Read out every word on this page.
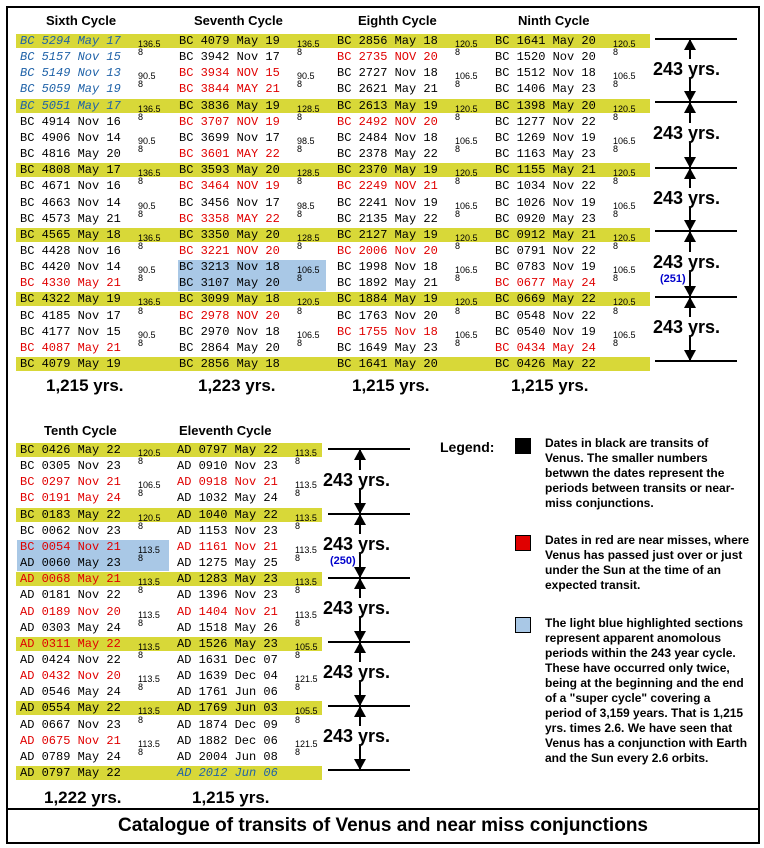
Sixth Cycle
BC 5294 May 17 136.5
BC 5157 Nov 15 8
BC 5149 Nov 13 90.5
BC 5059 May 19 8
BC 5051 May 17 136.5
BC 4914 Nov 16 8
BC 4906 Nov 14 90.5
BC 4816 May 20 8
BC 4808 May 17 136.5
BC 4671 Nov 16 8
BC 4663 Nov 14 90.5
BC 4573 May 21 8
BC 4565 May 18 136.5
BC 4428 Nov 16 8
BC 4420 Nov 14 90.5
BC 4330 May 21 8
BC 4322 May 19 136.5
BC 4185 Nov 17 8
BC 4177 Nov 15 90.5
BC 4087 May 21 8
BC 4079 May 19
1,215 yrs.
Seventh Cycle
BC 4079 May 19 136.5
BC 3942 Nov 17 8
BC 3934 NOV 15 90.5
BC 3844 MAY 21 8
BC 3836 May 19 128.5
BC 3707 NOV 19 8
BC 3699 Nov 17 98.5
BC 3601 MAY 22 8
BC 3593 May 20 128.5
BC 3464 NOV 19 8
BC 3456 Nov 17 98.5
BC 3358 MAY 22 8
BC 3350 May 20 128.5
BC 3221 NOV 20 8
BC 3213 Nov 18 106.5
BC 3107 May 20 8
BC 3099 May 18 120.5
BC 2978 NOV 20 8
BC 2970 Nov 18 106.5
BC 2864 May 20 8
BC 2856 May 18
1,223 yrs.
Eighth Cycle
BC 2856 May 18 120.5
BC 2735 NOV 20 8
BC 2727 Nov 18 106.5
BC 2621 May 21 8
BC 2613 May 19 120.5
BC 2492 NOV 20 8
BC 2484 Nov 18 106.5
BC 2378 May 22 8
BC 2370 May 19 120.5
BC 2249 NOV 21 8
BC 2241 Nov 19 106.5
BC 2135 May 22 8
BC 2127 May 19 120.5
BC 2006 Nov 20 8
BC 1998 Nov 18 106.5
BC 1892 May 21 8
BC 1884 May 19 120.5
BC 1763 Nov 20 8
BC 1755 Nov 18 106.5
BC 1649 May 23 8
BC 1641 May 20
1,215 yrs.
Ninth Cycle
BC 1641 May 20 120.5
BC 1520 Nov 20 8
BC 1512 Nov 18 106.5
BC 1406 May 23 8
BC 1398 May 20 120.5
BC 1277 Nov 22 8
BC 1269 Nov 19 106.5
BC 1163 May 23 8
BC 1155 May 21 120.5
BC 1034 Nov 22 8
BC 1026 Nov 19 106.5
BC 0920 May 23 8
BC 0912 May 21 120.5
BC 0791 Nov 22 8
BC 0783 Nov 19 106.5
BC 0677 May 24 8
BC 0669 May 22 120.5
BC 0548 Nov 22 8
BC 0540 Nov 19 106.5
BC 0434 May 24 8
BC 0426 May 22
1,215 yrs.
Tenth Cycle
BC 0426 May 22 120.5
BC 0305 Nov 23 8
BC 0297 Nov 21 106.5
BC 0191 May 24 8
BC 0183 May 22 120.5
BC 0062 Nov 23 8
BC 0054 Nov 21 113.5
AD 0060 May 23 8
AD 0068 May 21 113.5
AD 0181 Nov 22 8
AD 0189 Nov 20 113.5
AD 0303 May 24 8
AD 0311 May 22 113.5
AD 0424 Nov 22 8
AD 0432 Nov 20 113.5
AD 0546 May 24 8
AD 0554 May 22 113.5
AD 0667 Nov 23 8
AD 0675 Nov 21 113.5
AD 0789 May 24 8
AD 0797 May 22
1,222 yrs.
Eleventh Cycle
AD 0797 May 22 113.5
AD 0910 Nov 23 8
AD 0918 Nov 21 113.5
AD 1032 May 24 8
AD 1040 May 22 113.5
AD 1153 Nov 23 8
AD 1161 Nov 21 113.5
AD 1275 May 25 8
AD 1283 May 23 113.5
AD 1396 Nov 23 8
AD 1404 Nov 21 113.5
AD 1518 May 26 8
AD 1526 May 23 105.5
AD 1631 Dec 07 8
AD 1639 Dec 04 121.5
AD 1761 Jun 06 8
AD 1769 Jun 03 105.5
AD 1874 Dec 09 8
AD 1882 Dec 06 121.5
AD 2004 Jun 08 8
AD 2012 Jun 06
1,215 yrs.
243 yrs.
243 yrs.
243 yrs.
243 yrs.
(251)
243 yrs.
243 yrs.
243 yrs.
(250)
243 yrs.
243 yrs.
243 yrs.
Legend:	Dates in black are transits of Venus. The smaller numbers betwwn the dates represent the periods between transits or near-miss conjunctions.
Dates in red are near misses, where Venus has passed just over or just under the Sun at the time of an expected transit.
The light blue highlighted sections represent apparent anomolous periods within the 243 year cycle. These have occurred only twice, being at the beginning and the end of a "super cycle" covering a period of 3,159 years. That is 1,215 yrs. times 2.6. We have seen that Venus has a conjunction with Earth and the Sun every 2.6 orbits.
Catalogue of transits of Venus and near miss conjunctions
